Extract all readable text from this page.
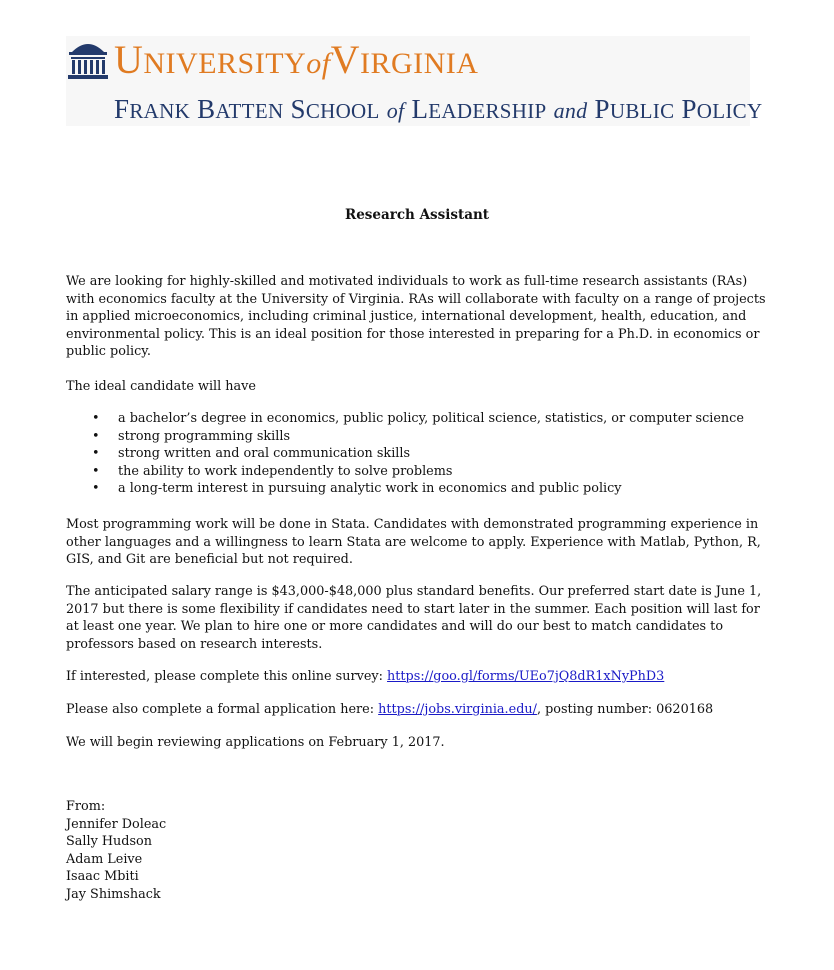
UNIVERSITYofVIRGINIA
FRANK BATTEN SCHOOL of LEADERSHIP and PUBLIC POLICY
Research Assistant

We are looking for highly-skilled and motivated individuals to work as full-time research assistants (RAs) with economics faculty at the University of Virginia. RAs will collaborate with faculty on a range of projects in applied microeconomics, including criminal justice, international development, health, education, and environmental policy. This is an ideal position for those interested in preparing for a Ph.D. in economics or public policy.

The ideal candidate will have

• a bachelor’s degree in economics, public policy, political science, statistics, or computer science
• strong programming skills
• strong written and oral communication skills
• the ability to work independently to solve problems
• a long-term interest in pursuing analytic work in economics and public policy

Most programming work will be done in Stata. Candidates with demonstrated programming experience in other languages and a willingness to learn Stata are welcome to apply. Experience with Matlab, Python, R, GIS, and Git are beneficial but not required.

The anticipated salary range is $43,000-$48,000 plus standard benefits. Our preferred start date is June 1, 2017 but there is some flexibility if candidates need to start later in the summer. Each position will last for at least one year. We plan to hire one or more candidates and will do our best to match candidates to professors based on research interests.

If interested, please complete this online survey: https://goo.gl/forms/UEo7jQ8dR1xNyPhD3

Please also complete a formal application here: https://jobs.virginia.edu/, posting number: 0620168

We will begin reviewing applications on February 1, 2017.

From:
Jennifer Doleac
Sally Hudson
Adam Leive
Isaac Mbiti
Jay Shimshack
